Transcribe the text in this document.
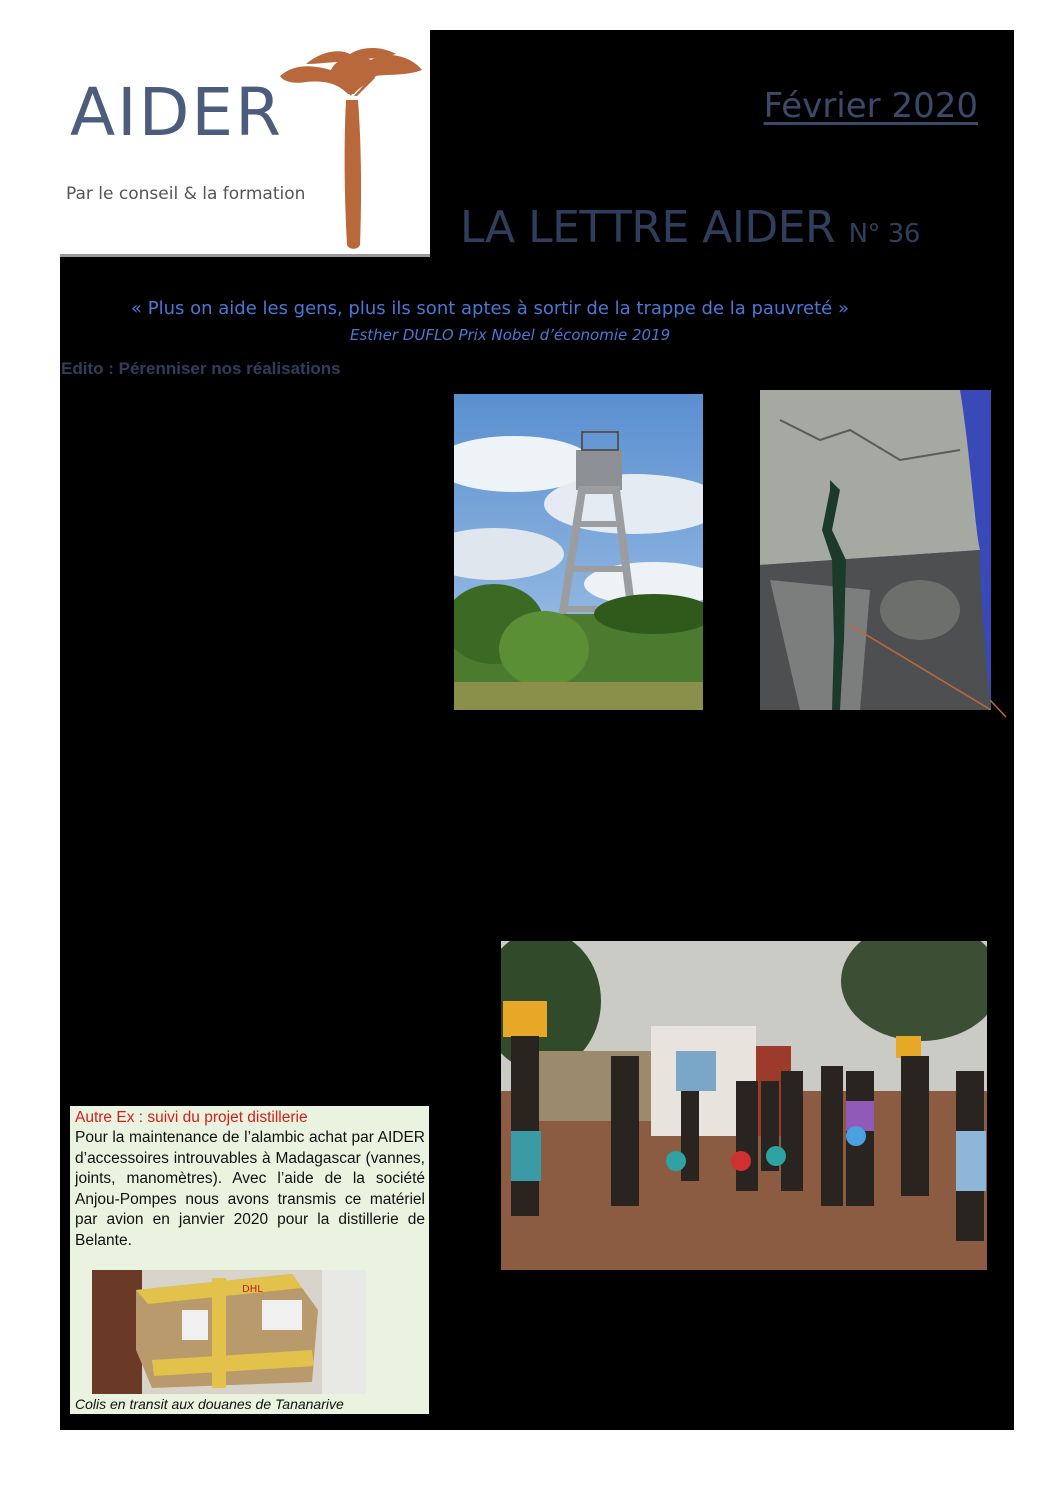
AIDER
Par le conseil & la formation
Février 2020
LA LETTRE AIDER N° 36
« Plus on aide les gens, plus ils sont aptes à sortir de la trappe de la pauvreté »
Esther DUFLO Prix Nobel d’économie 2019
Edito : Pérenniser nos réalisations
Autre Ex : suivi du projet distillerie
Pour la maintenance de l’alambic achat par AIDER d’accessoires introuvables à Madagascar (vannes, joints, manomètres). Avec l’aide de la société Anjou-Pompes nous avons transmis ce matériel par avion en janvier 2020 pour la distillerie de Belante.
DHL
Colis en transit aux douanes de Tananarive
